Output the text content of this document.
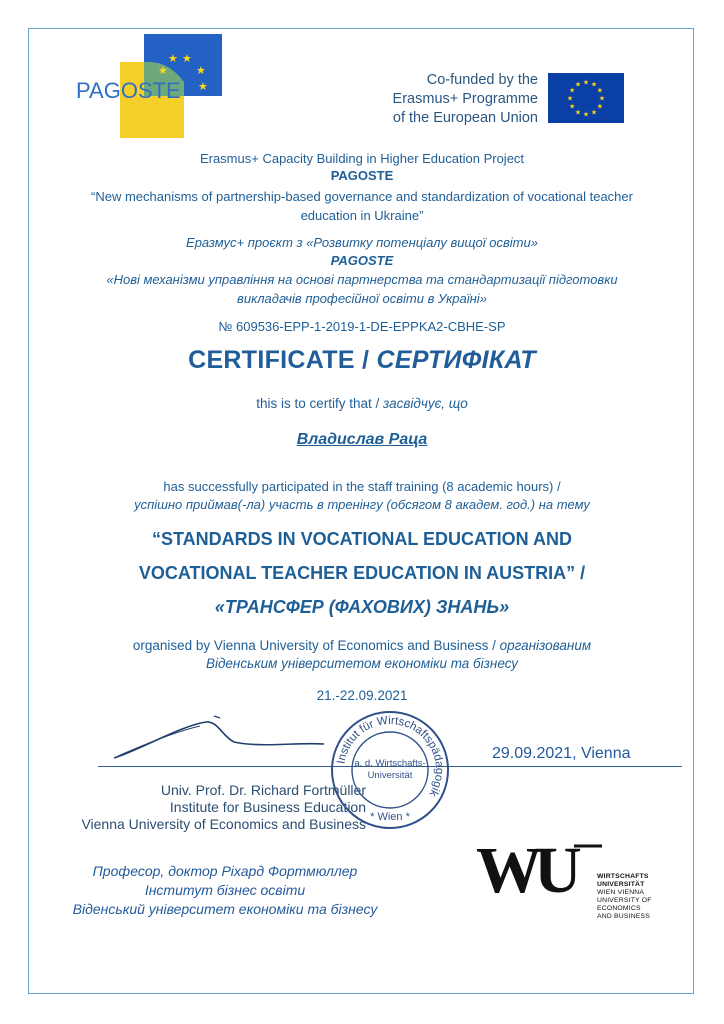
PAGOSTE
★ ★
★	★
★	Co-funded by the
Erasmus+ Programme
of the European Union
★ ★
★
★
★
★
★
★
★
★
★
★
Erasmus+ Capacity Building in Higher Education Project
PAGOSTE
“New mechanisms of partnership-based governance and standardization of vocational teacher education in Ukraine”
Еразмус+ проєкт з «Розвитку потенціалу вищої освіти»
PAGOSTE
«Нові механізми управління на основі партнерства та стандартизації підготовки викладачів професійної освіти в Україні»
№ 609536-EPP-1-2019-1-DE-EPPKA2-CBHE-SP
CERTIFICATE / СЕРТИФІКАТ
this is to certify that / засвідчує, що
Владислав Раца
has successfully participated in the staff training (8 academic hours) /
успішно приймав(-ла) участь в тренінгу (обсягом 8 академ. год.) на тему
“STANDARDS IN VOCATIONAL EDUCATION AND
VOCATIONAL TEACHER EDUCATION IN AUSTRIA” /
«ТРАНСФЕР (ФАХОВИХ) ЗНАНЬ»
organised by Vienna University of Economics and Business / організованим
Віденським університетом економіки та бізнесу
21.-22.09.2021
29.09.2021, Vienna
Univ. Prof. Dr. Richard Fortmüller
Institute for Business Education
Vienna University of Economics and Business
Institut für Wirtschaftspädagogik
a. d. Wirtschafts-
Universität
* Wien *
Професор, доктор Ріхард Фортмюллер
Інститут бізнес освіти
Віденський університет економіки та бізнесу
WU	WIRTSCHAFTS
UNIVERSITÄT
WIEN VIENNA
UNIVERSITY OF
ECONOMICS
AND BUSINESS
